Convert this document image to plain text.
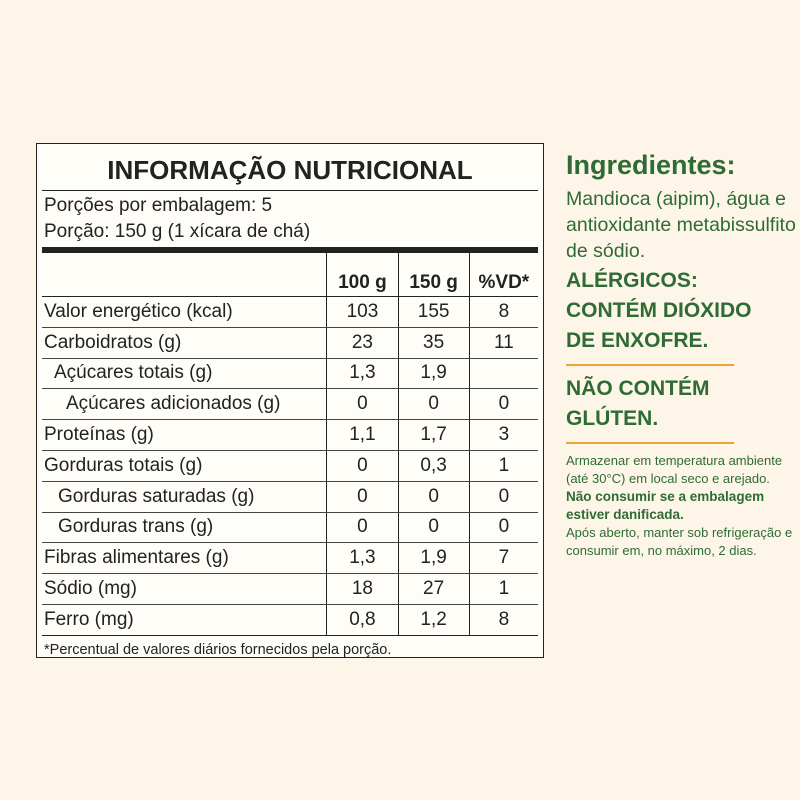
INFORMAÇÃO NUTRICIONAL
Porções por embalagem: 5
Porção: 150 g (1 xícara de chá)

	100 g	150 g	%VD*
Valor energético (kcal)	103	155	8
Carboidratos (g)	23	35	11
Açúcares totais (g)	1,3	1,9	
Açúcares adicionados (g)	0	0	0
Proteínas (g)	1,1	1,7	3
Gorduras totais (g)	0	0,3	1
Gorduras saturadas (g)	0	0	0
Gorduras trans (g)	0	0	0
Fibras alimentares (g)	1,3	1,9	7
Sódio (mg)	18	27	1
Ferro (mg)	0,8	1,2	8
*Percentual de valores diários fornecidos pela porção.
Ingredientes:
Mandioca (aipim), água e antioxidante metabissulfito de sódio.
ALÉRGICOS:
CONTÉM DIÓXIDO
DE ENXOFRE.
NÃO CONTÉM
GLÚTEN.
Armazenar em temperatura ambiente (até 30°C) em local seco e arejado.
Não consumir se a embalagem estiver danificada.
Após aberto, manter sob refrigeração e consumir em, no máximo, 2 dias.
